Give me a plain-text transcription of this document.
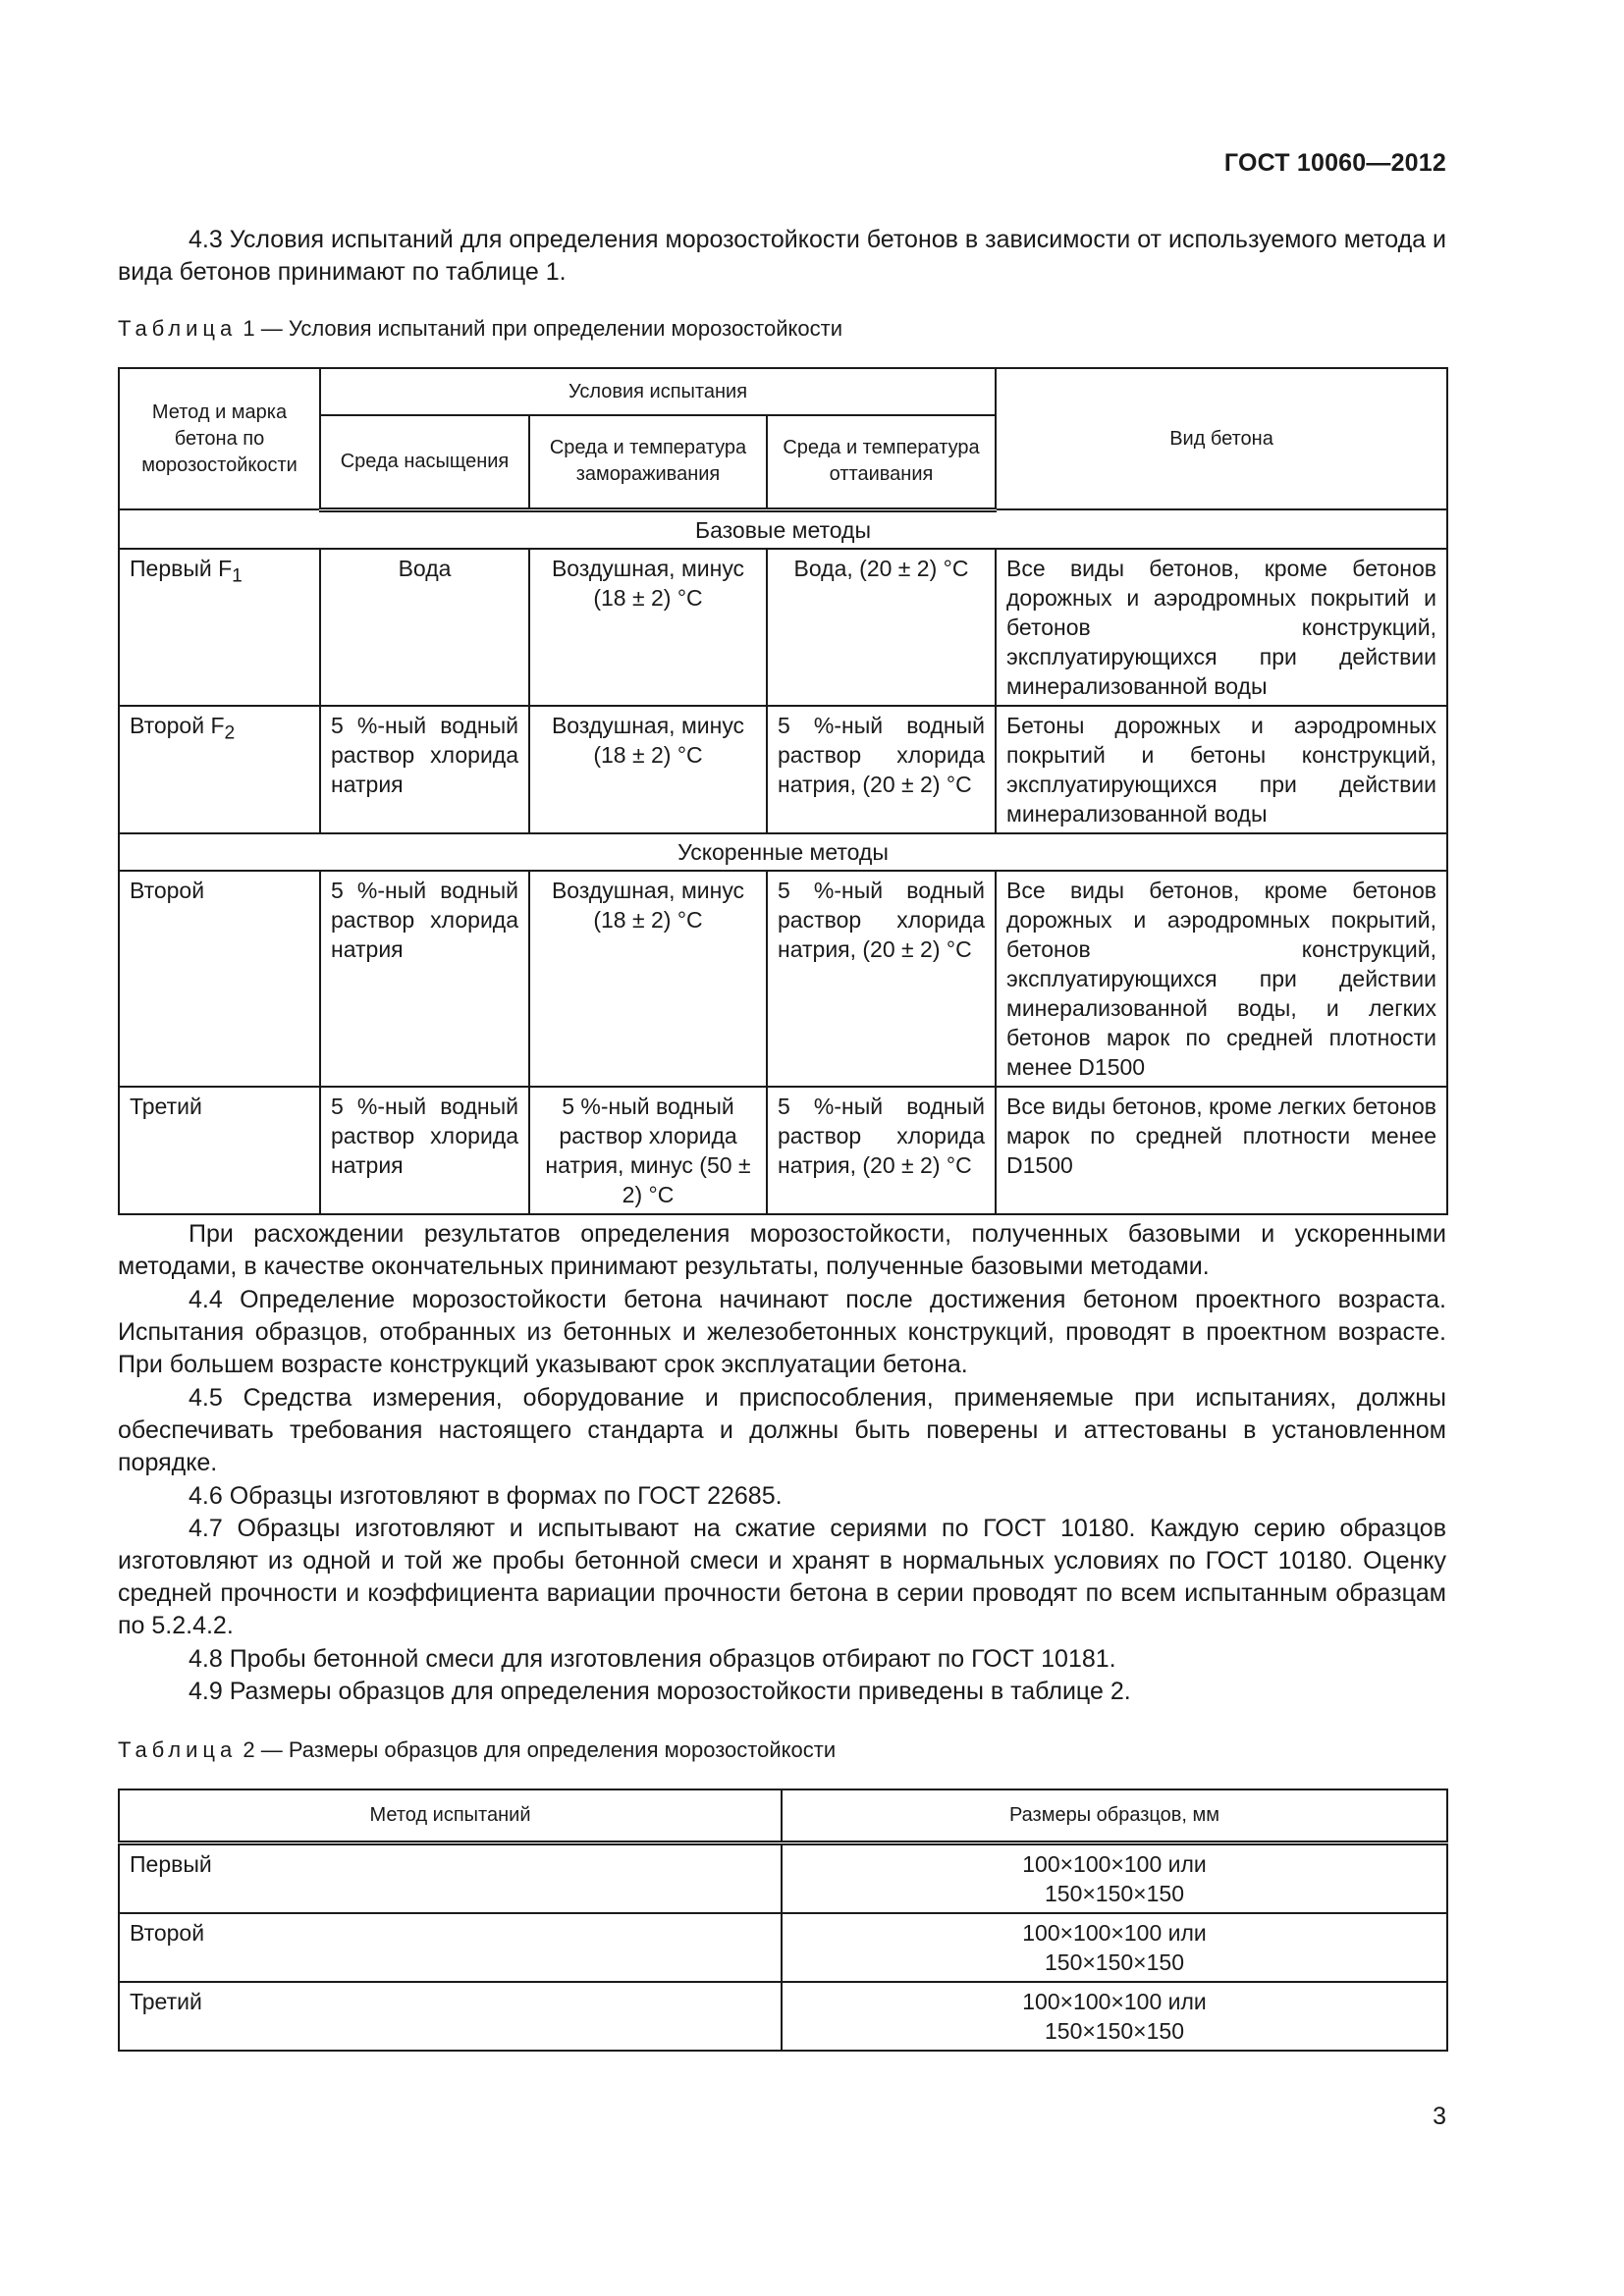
ГОСТ 10060—2012

4.3 Условия испытаний для определения морозостойкости бетонов в зависимости от используемого метода и вида бетонов принимают по таблице 1.

Таблица 1 — Условия испытаний при определении морозостойкости
Метод и марка бетона по морозостойкости	Условия испытания			Вид бетона
	Среда насыщения	Среда и температура замораживания	Среда и температура оттаивания	
Базовые методы				
Первый $F_1$	Вода	Воздушная, минус (18 ± 2) °С	Вода, (20 ± 2) °С	Все виды бетонов, кроме бетонов дорожных и аэродромных покрытий и бетонов конструкций, эксплуатирующихся при действии минерализованной воды
Второй $F_2$	5 %-ный водный раствор хлорида натрия	Воздушная, минус (18 ± 2) °С	5 %-ный водный раствор хлорида натрия, (20 ± 2) °С	Бетоны дорожных и аэродромных покрытий и бетоны конструкций, эксплуатирующихся при действии минерализованной воды
Ускоренные методы				
Второй	5 %-ный водный раствор хлорида натрия	Воздушная, минус (18 ± 2) °С	5 %-ный водный раствор хлорида натрия, (20 ± 2) °С	Все виды бетонов, кроме бетонов дорожных и аэродромных покрытий, бетонов конструкций, эксплуатирующихся при действии минерализованной воды, и легких бетонов марок по средней плотности менее D1500
Третий	5 %-ный водный раствор хлорида натрия	5 %-ный водный раствор хлорида натрия, минус (50 ± 2) °С	5 %-ный водный раствор хлорида натрия, (20 ± 2) °С	Все виды бетонов, кроме легких бетонов марок по средней плотности менее D1500

При расхождении результатов определения морозостойкости, полученных базовыми и ускоренными методами, в качестве окончательных принимают результаты, полученные базовыми методами.

4.4 Определение морозостойкости бетона начинают после достижения бетоном проектного возраста. Испытания образцов, отобранных из бетонных и железобетонных конструкций, проводят в проектном возрасте. При большем возрасте конструкций указывают срок эксплуатации бетона.

4.5 Средства измерения, оборудование и приспособления, применяемые при испытаниях, должны обеспечивать требования настоящего стандарта и должны быть поверены и аттестованы в установленном порядке.

4.6 Образцы изготовляют в формах по ГОСТ 22685.

4.7 Образцы изготовляют и испытывают на сжатие сериями по ГОСТ 10180. Каждую серию образцов изготовляют из одной и той же пробы бетонной смеси и хранят в нормальных условиях по ГОСТ 10180. Оценку средней прочности и коэффициента вариации прочности бетона в серии проводят по всем испытанным образцам по 5.2.4.2.

4.8 Пробы бетонной смеси для изготовления образцов отбирают по ГОСТ 10181.

4.9 Размеры образцов для определения морозостойкости приведены в таблице 2.

Таблица 2 — Размеры образцов для определения морозостойкости
Метод испытаний	Размеры образцов, мм
Первый	100×100×100 или
150×150×150
Второй	100×100×100 или
150×150×150
Третий	100×100×100 или
150×150×150
3
